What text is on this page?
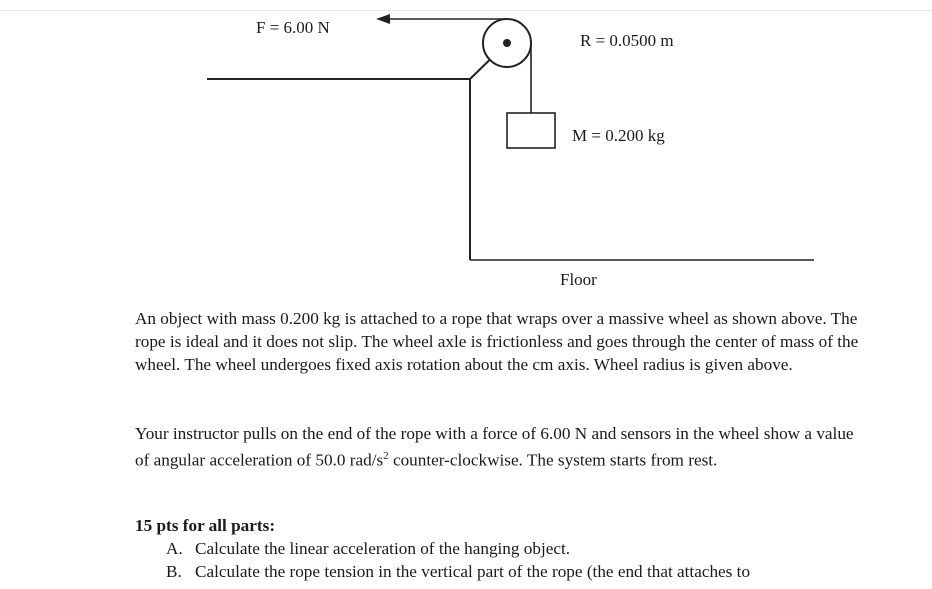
F = 6.00 N
R = 0.0500 m
M = 0.200 kg
Floor

An object with mass 0.200 kg is attached to a rope that wraps over a massive wheel as shown above. The rope is ideal and it does not slip. The wheel axle is frictionless and goes through the center of mass of the wheel. The wheel undergoes fixed axis rotation about the cm axis. Wheel radius is given above.

Your instructor pulls on the end of the rope with a force of 6.00 N and sensors in the wheel show a value of angular acceleration of 50.0 rad/$s^2$ counter-clockwise. The system starts from rest.

15 pts for all parts:

A. Calculate the linear acceleration of the hanging object.
B. Calculate the rope tension in the vertical part of the rope (the end that attaches to
